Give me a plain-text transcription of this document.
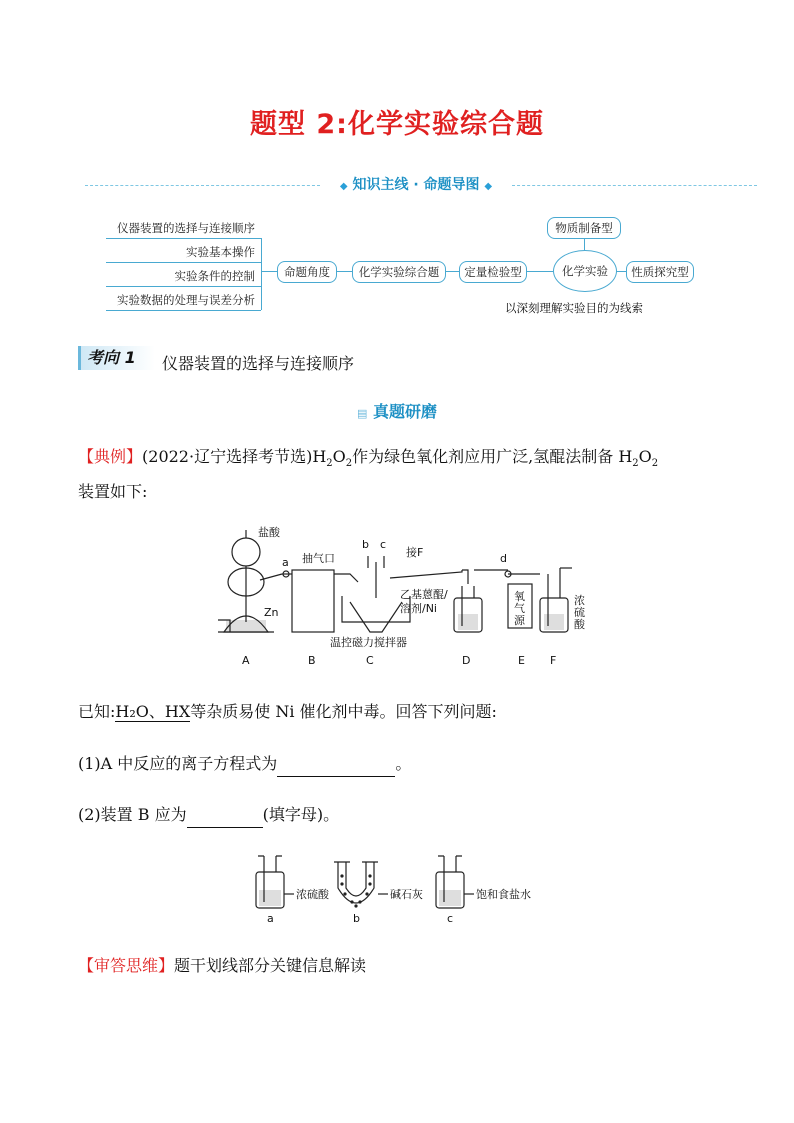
题型 2:化学实验综合题
◆ 知识主线 · 命题导图 ◆
仪器装置的选择与连接顺序
实验基本操作
实验条件的控制
实验数据的处理与误差分析
命题角度	化学实验综合题	定量检验型	化学实验
物质制备型
性质探究型
以深刻理解实验目的为线索
考向 1	仪器装置的选择与连接顺序
▤ 真题研磨
【典例】(2022·辽宁选择考节选)$H_2O_2$作为绿色氧化剂应用广泛,氢醌法制备 $H_2O_2$
装置如下:
盐酸
Zn
a 抽气口
b c
接F	d
乙基蒽醌/
溶剂/Ni
氧
气
源
浓
硫
酸
温控磁力搅拌器
A	B	C	D	E F
已知:H₂O、HX等杂质易使 Ni 催化剂中毒。回答下列问题:
(1)A 中反应的离子方程式为	。
(2)装置 B 应为	(填字母)。
浓硫酸	碱石灰	饱和食盐水
a	b	c
【审答思维】题干划线部分关键信息解读
